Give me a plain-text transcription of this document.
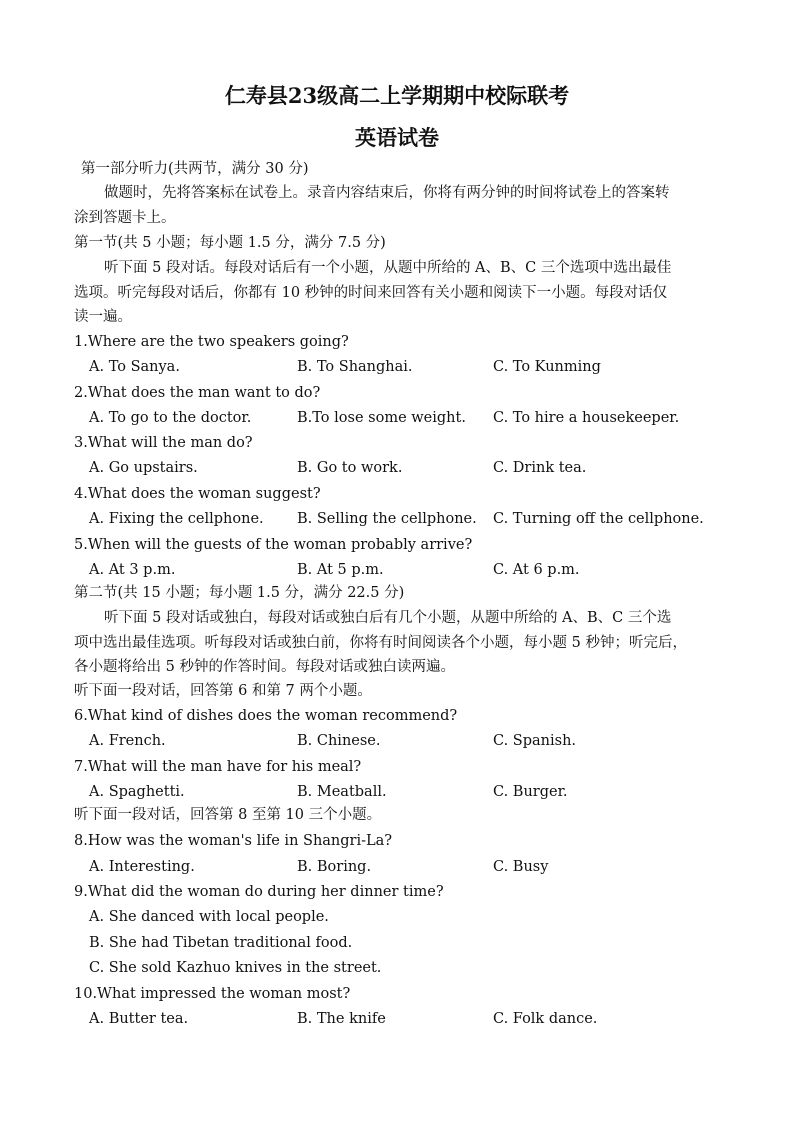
仁寿县23级高二上学期期中校际联考
英语试卷

第一部分听力(共两节，满分 30 分)

做题时，先将答案标在试卷上。录音内容结束后，你将有两分钟的时间将试卷上的答案转

涂到答题卡上。

第一节(共 5 小题；每小题 1.5 分，满分 7.5 分)

听下面 5 段对话。每段对话后有一个小题，从题中所给的 A、B、C 三个选项中选出最佳

选项。听完每段对话后，你都有 10 秒钟的时间来回答有关小题和阅读下一小题。每段对话仅

读一遍。

1.Where are the two speakers going?

A. To Sanya.	B. To Shanghai.	C. To Kunming

2.What does the man want to do?

A. To go to the doctor.	B.To lose some weight. C. To hire a housekeeper.

3.What will the man do?

A. Go upstairs.	B. Go to work.	C. Drink tea.

4.What does the woman suggest?

A. Fixing the cellphone. B. Selling the cellphone. C. Turning off the cellphone.

5.When will the guests of the woman probably arrive?

A. At 3 p.m.	B. At 5 p.m.	C. At 6 p.m.

第二节(共 15 小题；每小题 1.5 分，满分 22.5 分)

听下面 5 段对话或独白，每段对话或独白后有几个小题，从题中所给的 A、B、C 三个选

项中选出最佳选项。听每段对话或独白前，你将有时间阅读各个小题，每小题 5 秒钟；听完后，

各小题将给出 5 秒钟的作答时间。每段对话或独白读两遍。

听下面一段对话，回答第 6 和第 7 两个小题。

6.What kind of dishes does the woman recommend?

A. French.	B. Chinese.	C. Spanish.

7.What will the man have for his meal?

A. Spaghetti.	B. Meatball.	C. Burger.

听下面一段对话，回答第 8 至第 10 三个小题。

8.How was the woman's life in Shangri-La?

A. Interesting.	B. Boring.	C. Busy

9.What did the woman do during her dinner time?

A. She danced with local people.
B. She had Tibetan traditional food.
C. She sold Kazhuo knives in the street.

10.What impressed the woman most?

A. Butter tea.	B. The knife	C. Folk dance.
